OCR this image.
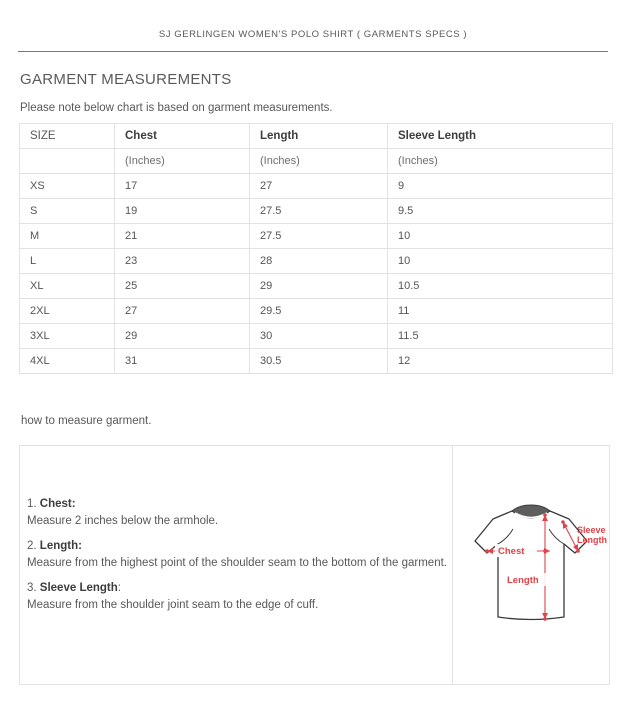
SJ GERLINGEN WOMEN'S POLO SHIRT ( GARMENTS SPECS )
GARMENT MEASUREMENTS
Please note below chart is based on garment measurements.
SIZE	Chest	Length	Sleeve Length
	(Inches)	(Inches)	(Inches)
XS	17	27	9
S	19	27.5	9.5
M	21	27.5	10
L	23	28	10
XL	25	29	10.5
2XL	27	29.5	11
3XL	29	30	11.5
4XL	31	30.5	12
how to measure garment.
1. Chest:
Measure 2 inches below the armhole.
2. Length:
Measure from the highest point of the shoulder seam to the bottom of the garment.
3. Sleeve Length:
Measure from the shoulder joint seam to the edge of cuff.
Chest
Length
Sleeve
Length
